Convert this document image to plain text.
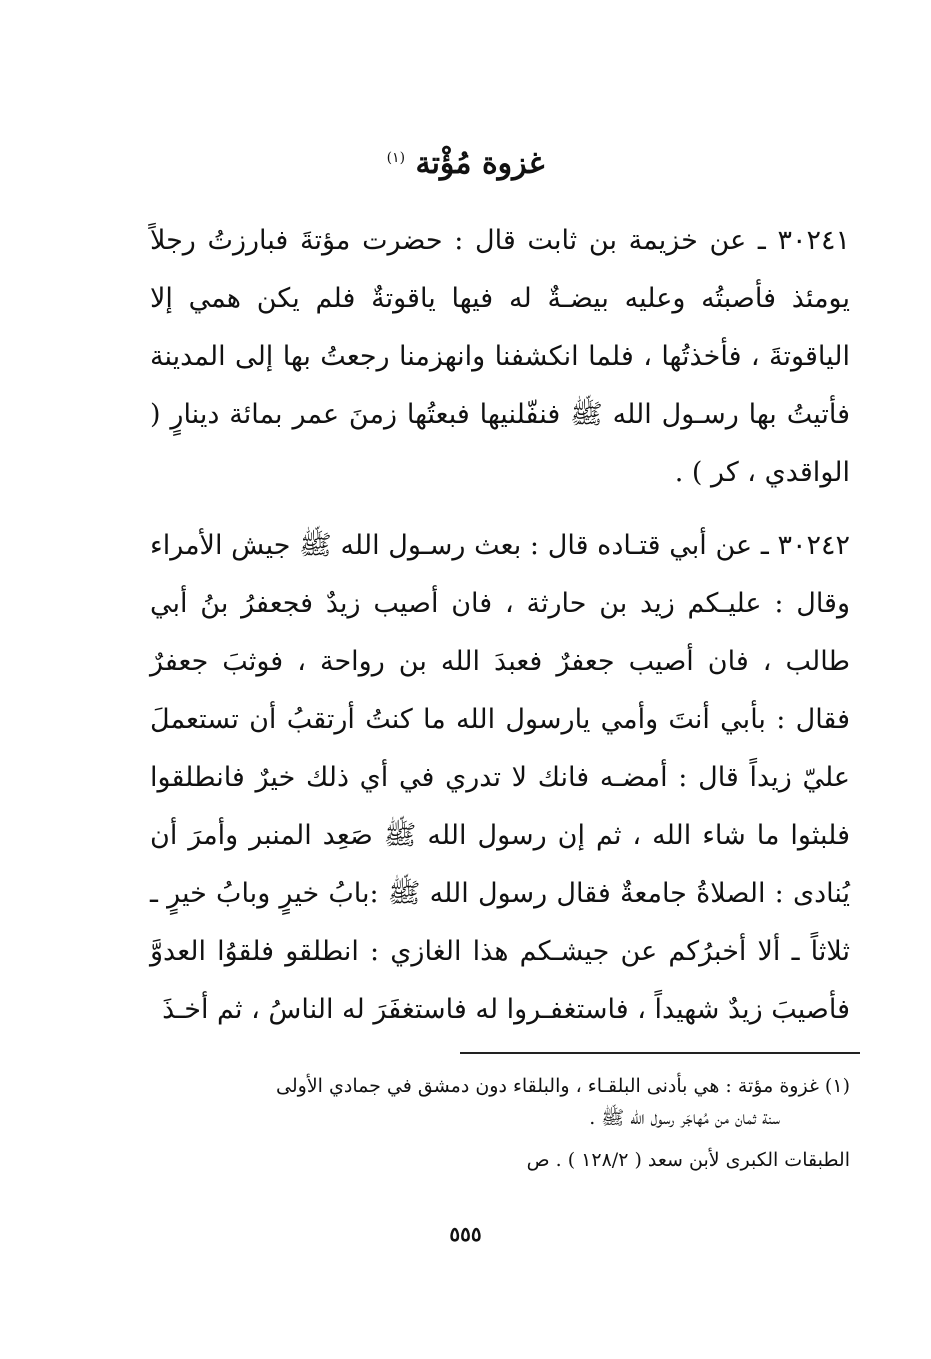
غزوة مُؤْتة $^{(١)}$

٣٠٢٤١ ـ عن خزيمة بن ثابت قال : حضرت مؤتةَ فبارزتُ رجلاً يومئذ فأصبتُه وعليه بيضـةٌ له فيها ياقوتةٌ فلم يكن همي إلا الياقوتةَ ، فأخذتُها ، فلما انكشفنا وانهزمنا رجعتُ بها إلى المدينة فأتيتُ بها رسـول الله ﷺ فنفّلنيها فبعتُها زمنَ عمر بمائة دينارٍ ( الواقدي ، كر ) .

٣٠٢٤٢ ـ عن أبي قتـاده قال : بعث رسـول الله ﷺ جيش الأمراء وقال : عليـكم زيد بن حارثة ، فان أصيب زيدٌ فجعفرُ بنُ أبي طالب ، فان أصيب جعفرٌ فعبدَ الله بن رواحة ، فوثبَ جعفرٌ فقال : بأبي أنتَ وأمي يارسول الله ما كنتُ أرتقبُ أن تستعملَ عليّ زيداً قال : أمضـه فانك لا تدري في أي ذلك خيرٌ فانطلقوا فلبثوا ما شاء الله ، ثم إن رسول الله ﷺ صَعِد المنبر وأمرَ أن يُنادى : الصلاةُ جامعةٌ فقال رسول الله ﷺ :بابُ خيرٍ وبابُ خيرٍ ـ ثلاثاً ـ ألا أخبرُكم عن جيشـكم هذا الغازي : انطلقو فلقوُا العدوَّ فأصيبَ زيدٌ شهيداً ، فاستغفـروا له فاستغفَرَ له الناسُ ، ثم أخـذَ

(١) غزوة مؤتة : هي بأدنى البلقـاء ، والبلقاء دون دمشق في جمادي الأولى

سنة ثمان من مُهاجَر رسول الله ﷺ .

الطبقات الكبرى لأبن سعد ( ١٢٨/٢ ) . ص

٥٥٥
